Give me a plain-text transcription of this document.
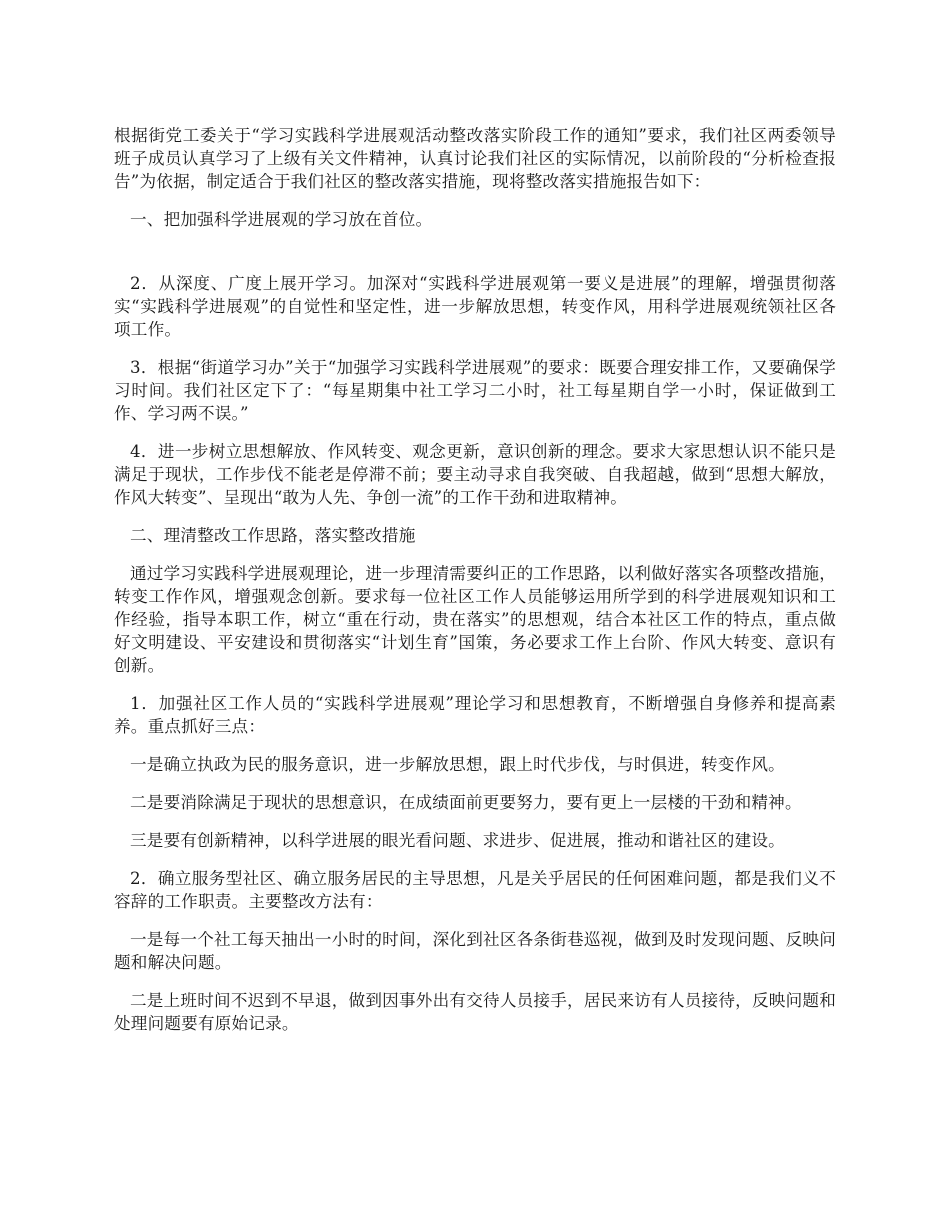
根据街党工委关于“学习实践科学进展观活动整改落实阶段工作的通知”要求，我们社区两委领导班子成员认真学习了上级有关文件精神，认真讨论我们社区的实际情况，以前阶段的“分析检查报告”为依据，制定适合于我们社区的整改落实措施，现将整改落实措施报告如下：

一、把加强科学进展观的学习放在首位。

2．从深度、广度上展开学习。加深对“实践科学进展观第一要义是进展”的理解，增强贯彻落实“实践科学进展观”的自觉性和坚定性，进一步解放思想，转变作风，用科学进展观统领社区各项工作。

3．根据“街道学习办”关于“加强学习实践科学进展观”的要求：既要合理安排工作，又要确保学习时间。我们社区定下了：“每星期集中社工学习二小时，社工每星期自学一小时，保证做到工作、学习两不误。”

4．进一步树立思想解放、作风转变、观念更新，意识创新的理念。要求大家思想认识不能只是满足于现状，工作步伐不能老是停滞不前；要主动寻求自我突破、自我超越，做到“思想大解放，作风大转变”、呈现出“敢为人先、争创一流”的工作干劲和进取精神。

二、理清整改工作思路，落实整改措施

通过学习实践科学进展观理论，进一步理清需要纠正的工作思路，以利做好落实各项整改措施，转变工作作风，增强观念创新。要求每一位社区工作人员能够运用所学到的科学进展观知识和工作经验，指导本职工作，树立“重在行动，贵在落实”的思想观，结合本社区工作的特点，重点做好文明建设、平安建设和贯彻落实“计划生育”国策，务必要求工作上台阶、作风大转变、意识有创新。

1．加强社区工作人员的“实践科学进展观”理论学习和思想教育，不断增强自身修养和提高素养。重点抓好三点：

一是确立执政为民的服务意识，进一步解放思想，跟上时代步伐，与时俱进，转变作风。

二是要消除满足于现状的思想意识，在成绩面前更要努力，要有更上一层楼的干劲和精神。

三是要有创新精神，以科学进展的眼光看问题、求进步、促进展，推动和谐社区的建设。

2．确立服务型社区、确立服务居民的主导思想，凡是关乎居民的任何困难问题，都是我们义不容辞的工作职责。主要整改方法有：

一是每一个社工每天抽出一小时的时间，深化到社区各条街巷巡视，做到及时发现问题、反映问题和解决问题。

二是上班时间不迟到不早退，做到因事外出有交待人员接手，居民来访有人员接待，反映问题和处理问题要有原始记录。
